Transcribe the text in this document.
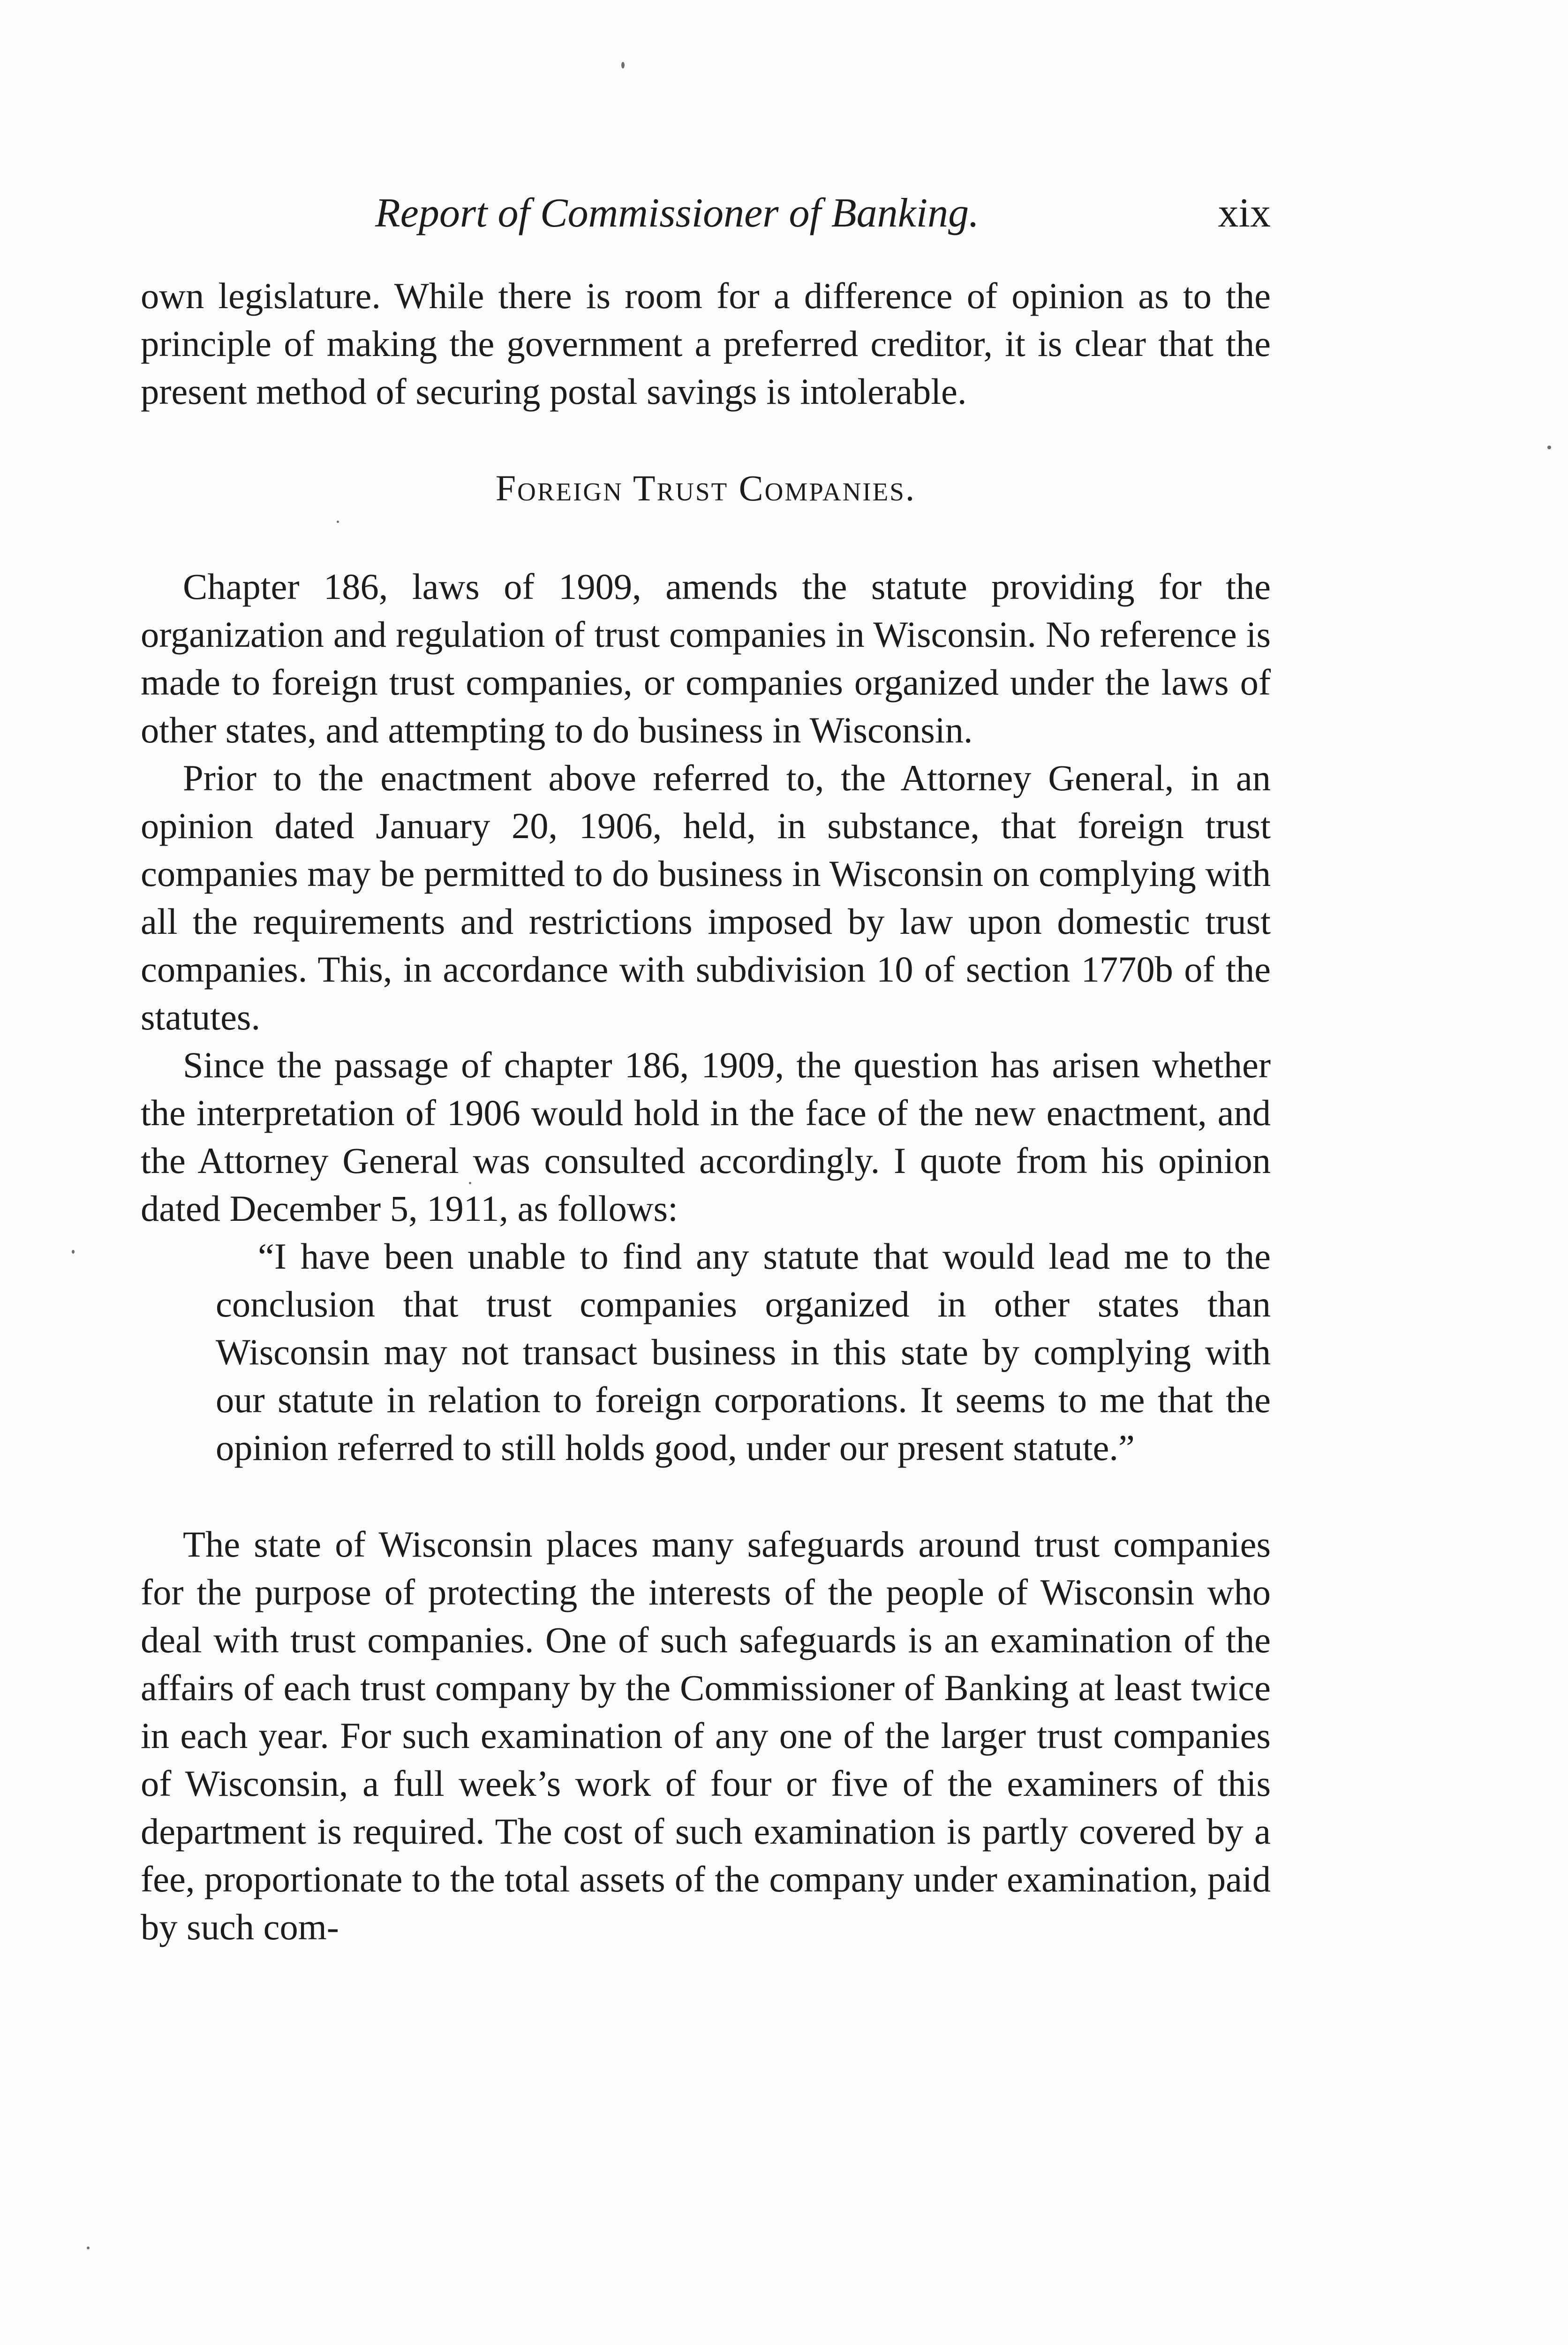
Report of Commissioner of Banking.	xix

own legislature. While there is room for a difference of opinion as to the principle of making the government a preferred creditor, it is clear that the present method of securing postal savings is intolerable.

Foreign Trust Companies.

Chapter 186, laws of 1909, amends the statute providing for the organization and regulation of trust companies in Wisconsin. No reference is made to foreign trust companies, or companies organized under the laws of other states, and attempting to do business in Wisconsin.

Prior to the enactment above referred to, the Attorney General, in an opinion dated January 20, 1906, held, in substance, that foreign trust companies may be permitted to do business in Wisconsin on complying with all the requirements and restrictions imposed by law upon domestic trust companies. This, in accordance with subdivision 10 of section 1770b of the statutes.

Since the passage of chapter 186, 1909, the question has arisen whether the interpretation of 1906 would hold in the face of the new enactment, and the Attorney General was consulted accordingly. I quote from his opinion dated December 5, 1911, as follows:

“I have been unable to find any statute that would lead me to the conclusion that trust companies organized in other states than Wisconsin may not transact business in this state by complying with our statute in relation to foreign corporations. It seems to me that the opinion referred to still holds good, under our present statute.”

The state of Wisconsin places many safeguards around trust companies for the purpose of protecting the interests of the people of Wisconsin who deal with trust companies. One of such safeguards is an examination of the affairs of each trust company by the Commissioner of Banking at least twice in each year. For such examination of any one of the larger trust companies of Wisconsin, a full week’s work of four or five of the examiners of this department is required. The cost of such examination is partly covered by a fee, proportionate to the total assets of the company under examination, paid by such com-
